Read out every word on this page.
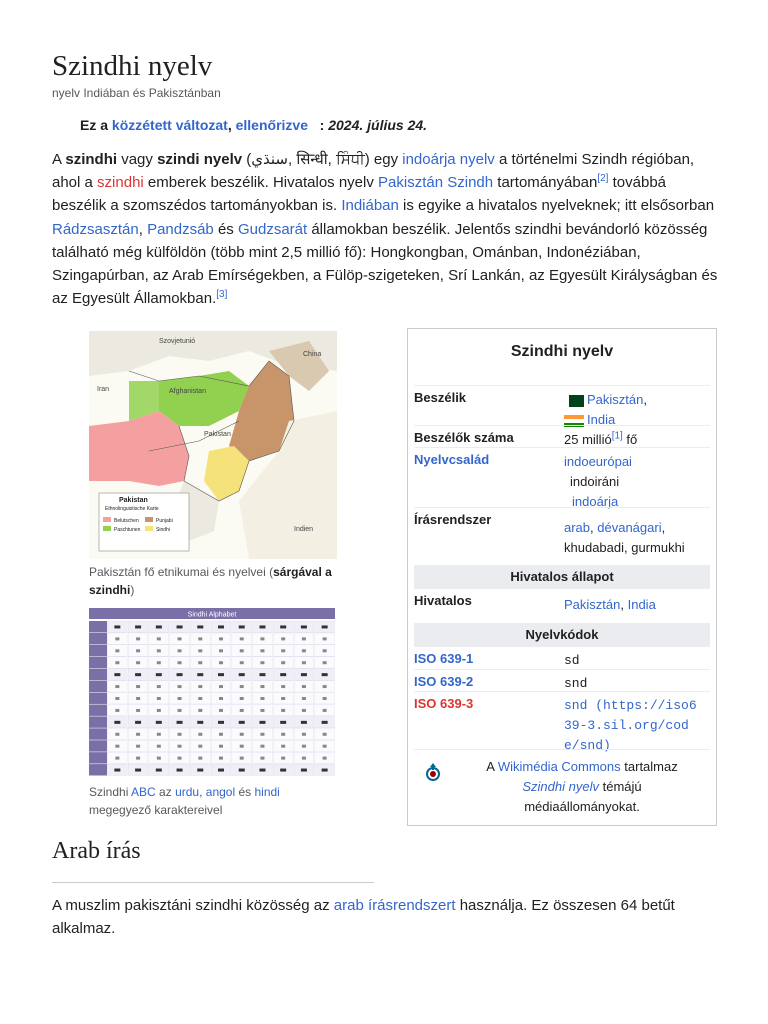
Szindhi nyelv
nyelv Indiában és Pakisztánban
Ez a közzétett változat, ellenőrizve : 2024. július 24.
A szindhi vagy szindi nyelv (سنڌي, सिन्धी, ਸਿੰਧੀ) egy indoárja nyelv a történelmi Szindh régióban, ahol a szindhi emberek beszélik. Hivatalos nyelv Pakisztán Szindh tartományában[2] továbbá beszélik a szomszédos tartományokban is. Indiában is egyike a hivatalos nyelveknek; itt elsősorban Rádzsasztán, Pandzsáb és Gudzsarát államokban beszélik. Jelentős szindhi bevándorló közösség található még külföldön (több mint 2,5 millió fő): Hongkongban, Ománban, Indonéziában, Szingapúrban, az Arab Emírségekben, a Fülöp-szigeteken, Srí Lankán, az Egyesült Királyságban és az Egyesült Államokban.[3]
Szovjetunió
China
Afghanistan
Pakistan
Iran
Indien
Pakistan
Ethnolinguistische Karte
Belutschen
Paschtunen
Punjabi
Sindhi
Pakisztán fő etnikumai és nyelvei (sárgával a szindhi)
Sindhi Alphabet
Szindhi ABC az urdu, angol és hindi megegyező karaktereivel
Szindhi nyelv
Beszélik	Pakisztán,
India
Beszélők száma	25 millió[1] fő
Nyelvcsalád	indoeurópai
indoiráni
indoárja
Írásrendszer
arab, dévanágari,
khudabadi, gurmukhi
Hivatalos állapot
Hivatalos	Pakisztán, India
Nyelvkódok
ISO 639-1	sd
ISO 639-2	snd
ISO 639-3	snd (https://iso6
39-3.sil.org/cod
e/snd)
A Wikimédia Commons tartalmaz
Szindhi nyelv témájú
médiaállományokat.
Arab írás
A muszlim pakisztáni szindhi közösség az arab írásrendszert használja. Ez összesen 64 betűt alkalmaz.
